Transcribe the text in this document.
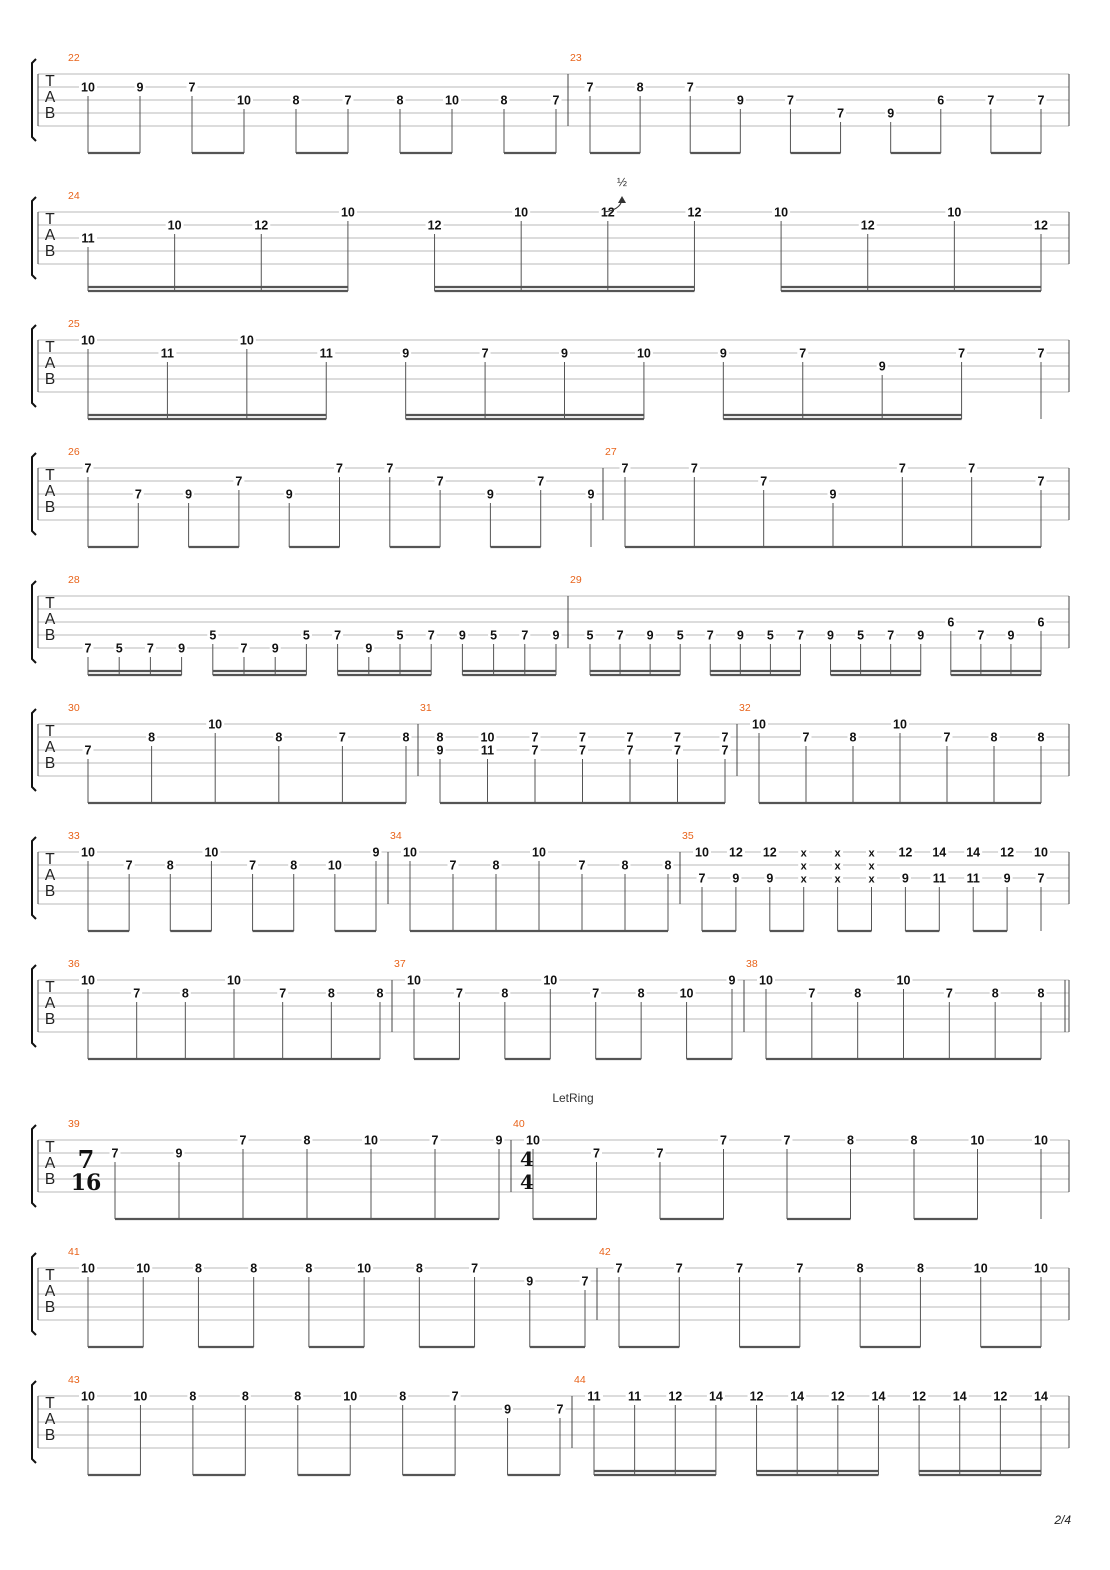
T
A
B
22
10	9	7
10	8	7	8	10	8	7
23
7	8	7
9	7
7	9
6	7	7
T
A
B
24
11
10	12
10
12
10	12	12	10
12
10
12
T
A
B
25
10
11
10
11	9	7	9	10	9	7
9
7	7
T
A
B
26
7
7	9
7
9
7	7
7
9
7
9
27
7	7
7
9
7	7
7
T
A
B
28
7 5 7 9
5
7 9
5 7
9
5 7 9 5 7 9
29
5 7 9 5 7 9 5 7 9 5 7 9
6
7 9
6
T
A
B
30
7
8
10
8	7	8
31
8
9
10
11
7
7
7
7
7
7
7
7
7
7
32
10
7	8
10
7	8	8
T
A
B
33
10
7	8
10
7	8 10
9
34
10
7	8
10
7	8	8
35
10
7
12
9
12
9
x
x
x
x
x
x
x
x
x
12
9
14
11
14
11
12
9
10
7
T
A
B
36
10
7	8
10
7	8	8
37
10
7	8
10
7	8	10
9
38
10
7	8
10
7	8	8
T
A
B
7
16
4
4
39
7	9
7	8	10	7	9
40
10
7	7
7	7	8	8	10	10
T
A
B
41
10	10	8	8	8	10	8	7
9	7
42
7	7	7	7	8	8	10	10
T
A
B
43
10	10	8	8	8	10	8	7
9	7
44
11 11 12 14 12 14 12 14 12 14 12 14
½
LetRing
2/4
